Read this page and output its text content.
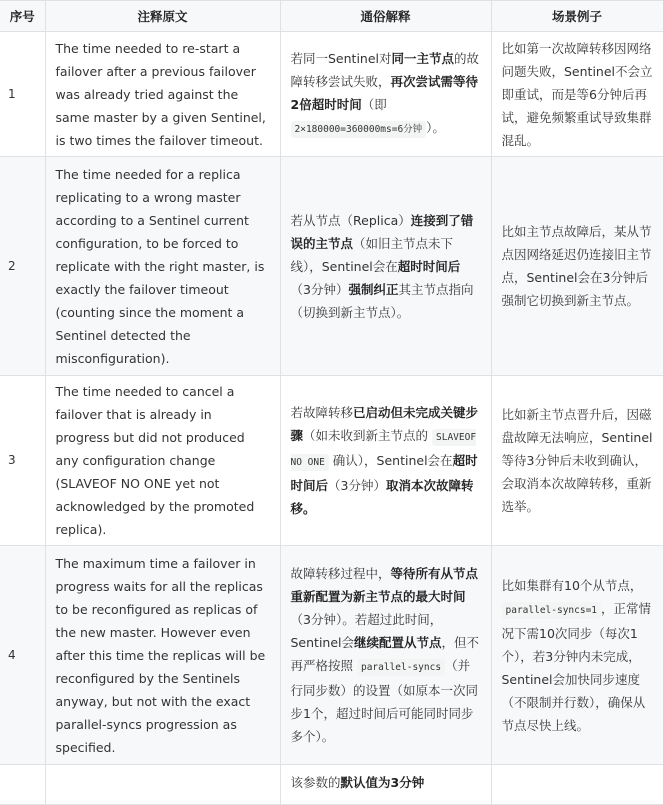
序号	注释原文	通俗解释	场景例子
1	The time needed to re-start a failover after a previous failover was already tried against the same master by a given Sentinel, is two times the failover timeout.	若同一Sentinel对同一主节点的故障转移尝试失败，再次尝试需等待2倍超时时间（即 2×180000=360000ms=6分钟 ）。	比如第一次故障转移因网络问题失败，Sentinel不会立即重试，而是等6分钟后再试，避免频繁重试导致集群混乱。
2	The time needed for a replica replicating to a wrong master according to a Sentinel current configuration, to be forced to replicate with the right master, is exactly the failover timeout (counting since the moment a Sentinel detected the misconfiguration).	若从节点（Replica）连接到了错误的主节点（如旧主节点未下线），Sentinel会在超时时间后（3分钟）强制纠正其主节点指向（切换到新主节点）。	比如主节点故障后，某从节点因网络延迟仍连接旧主节点，Sentinel会在3分钟后强制它切换到新主节点。
3	The time needed to cancel a failover that is already in progress but did not produced any configuration change (SLAVEOF NO ONE yet not acknowledged by the promoted replica).	若故障转移已启动但未完成关键步骤（如未收到新主节点的 SLAVEOF NO ONE 确认），Sentinel会在超时时间后（3分钟）取消本次故障转移。	比如新主节点晋升后，因磁盘故障无法响应，Sentinel等待3分钟后未收到确认，会取消本次故障转移，重新选举。
4	The maximum time a failover in progress waits for all the replicas to be reconfigured as replicas of the new master. However even after this time the replicas will be reconfigured by the Sentinels anyway, but not with the exact parallel-syncs progression as specified.	故障转移过程中，等待所有从节点重新配置为新主节点的最大时间（3分钟）。若超过此时间，Sentinel会继续配置从节点，但不再严格按照 parallel-syncs （并行同步数）的设置（如原本一次同步1个，超过时间后可能同时同步多个）。	比如集群有10个从节点，parallel-syncs=1 ，正常情况下需10次同步（每次1个），若3分钟内未完成，Sentinel会加快同步速度（不限制并行数），确保从节点尽快上线。
		该参数的默认值为3分钟	
